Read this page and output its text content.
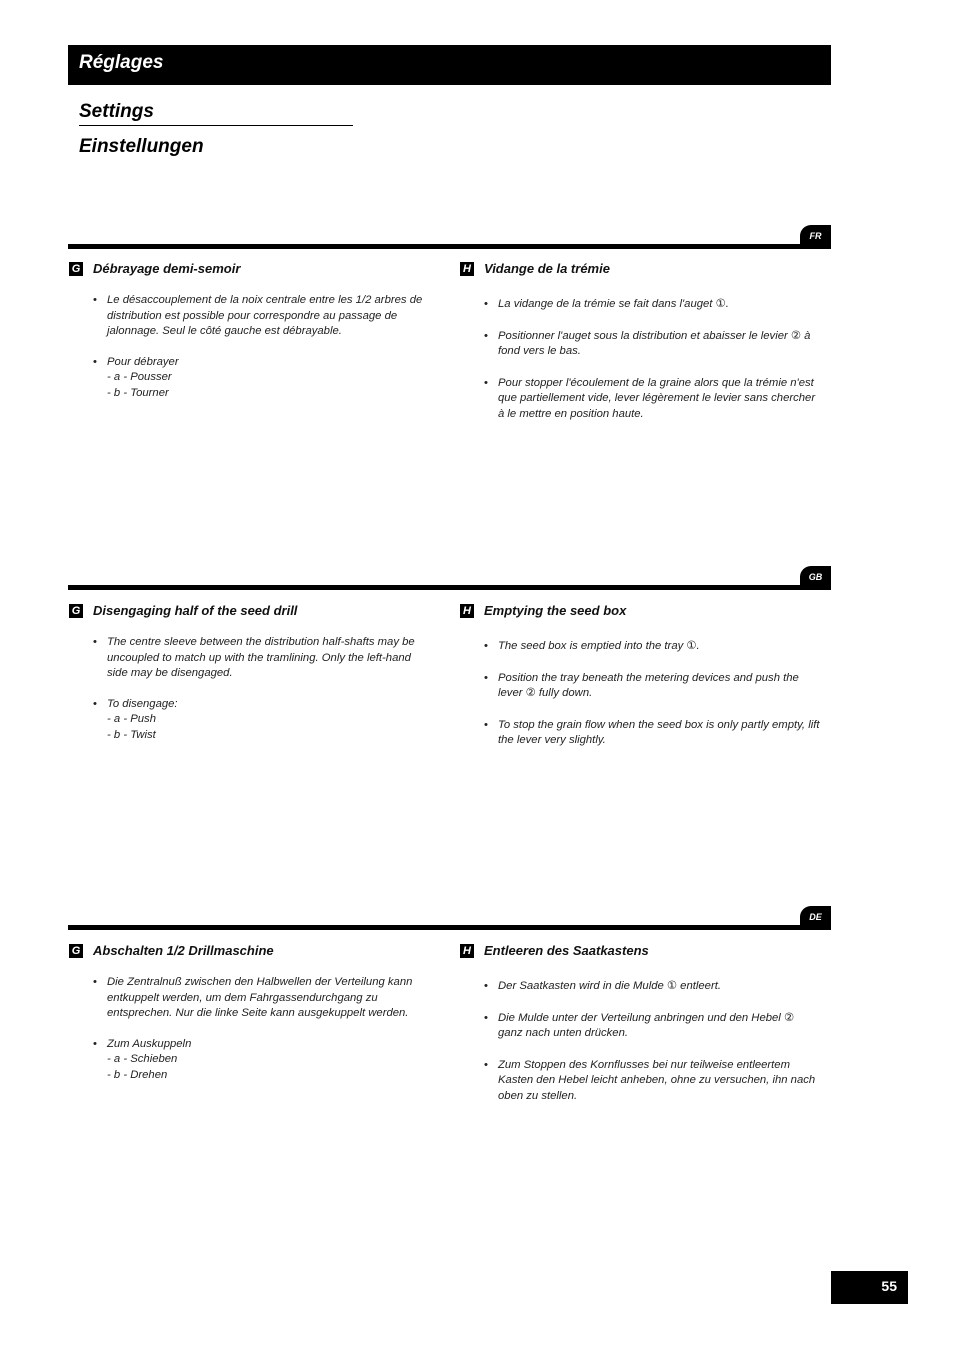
Réglages
Settings
Einstellungen
FR
G Débrayage demi-semoir
• Le désaccouplement de la noix centrale entre les 1/2 arbres de distribution est possible pour correspondre au passage de jalonnage. Seul le côté gauche est débrayable.
• Pour débrayer
- a - Pousser
- b - Tourner
H Vidange de la trémie
• La vidange de la trémie se fait dans l'auget ①.
• Positionner l'auget sous la distribution et abaisser le levier ② à fond vers le bas.
• Pour stopper l'écoulement de la graine alors que la trémie n'est que partiellement vide, lever légèrement le levier sans chercher à le mettre en position haute.
GB
G Disengaging half of the seed drill
• The centre sleeve between the distribution half-shafts may be uncoupled to match up with the tramlining. Only the left-hand side may be disengaged.
• To disengage:
- a - Push
- b - Twist
H Emptying the seed box
• The seed box is emptied into the tray ①.
• Position the tray beneath the metering devices and push the lever ② fully down.
• To stop the grain flow when the seed box is only partly empty, lift the lever very slightly.
DE
G Abschalten 1/2 Drillmaschine
• Die Zentralnuß zwischen den Halbwellen der Verteilung kann entkuppelt werden, um dem Fahrgassendurchgang zu entsprechen. Nur die linke Seite kann ausgekuppelt werden.
• Zum Auskuppeln
- a - Schieben
- b - Drehen
H Entleeren des Saatkastens
• Der Saatkasten wird in die Mulde ① entleert.
• Die Mulde unter der Verteilung anbringen und den Hebel ② ganz nach unten drücken.
• Zum Stoppen des Kornflusses bei nur teilweise entleertem Kasten den Hebel leicht anheben, ohne zu versuchen, ihn nach oben zu stellen.
55
